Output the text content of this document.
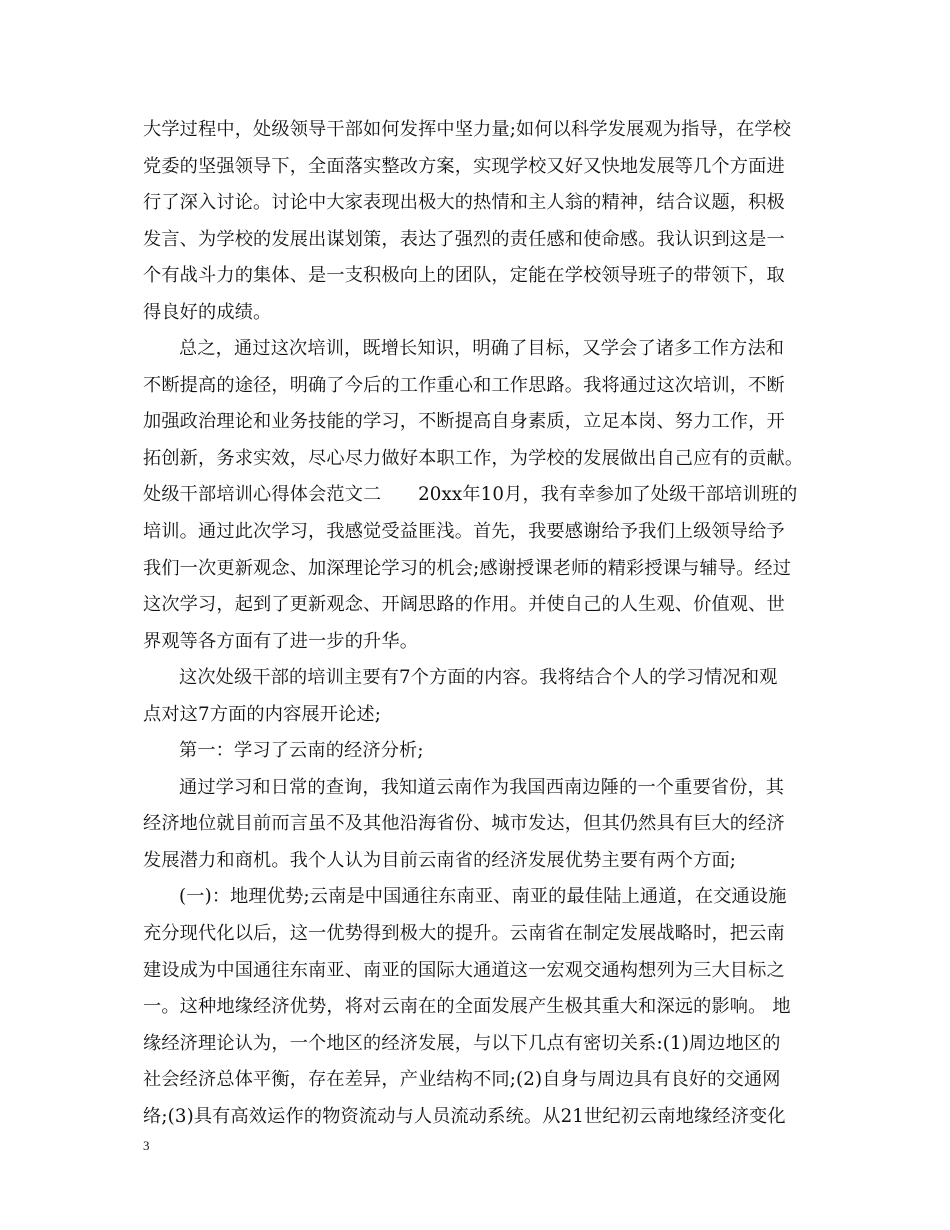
大学过程中，处级领导干部如何发挥中坚力量;如何以科学发展观为指导，在学校
党委的坚强领导下，全面落实整改方案，实现学校又好又快地发展等几个方面进
行了深入讨论。讨论中大家表现出极大的热情和主人翁的精神，结合议题，积极
发言、为学校的发展出谋划策，表达了强烈的责任感和使命感。我认识到这是一
个有战斗力的集体、是一支积极向上的团队，定能在学校领导班子的带领下，取
得良好的成绩。
总之，通过这次培训，既增长知识，明确了目标，又学会了诸多工作方法和
不断提高的途径，明确了今后的工作重心和工作思路。我将通过这次培训，不断
加强政治理论和业务技能的学习，不断提高自身素质，立足本岗、努力工作，开
拓创新，务求实效，尽心尽力做好本职工作，为学校的发展做出自己应有的贡献。
处级干部培训心得体会范文二　　20xx年10月，我有幸参加了处级干部培训班的
培训。通过此次学习，我感觉受益匪浅。首先，我要感谢给予我们上级领导给予
我们一次更新观念、加深理论学习的机会;感谢授课老师的精彩授课与辅导。经过
这次学习，起到了更新观念、开阔思路的作用。并使自己的人生观、价值观、世
界观等各方面有了进一步的升华。
这次处级干部的培训主要有7个方面的内容。我将结合个人的学习情况和观
点对这7方面的内容展开论述;
第一：学习了云南的经济分析;
通过学习和日常的查询，我知道云南作为我国西南边陲的一个重要省份，其
经济地位就目前而言虽不及其他沿海省份、城市发达，但其仍然具有巨大的经济
发展潜力和商机。我个人认为目前云南省的经济发展优势主要有两个方面;
(一)：地理优势;云南是中国通往东南亚、南亚的最佳陆上通道，在交通设施
充分现代化以后，这一优势得到极大的提升。云南省在制定发展战略时，把云南
建设成为中国通往东南亚、南亚的国际大通道这一宏观交通构想列为三大目标之
一。这种地缘经济优势，将对云南在的全面发展产生极其重大和深远的影响。 地
缘经济理论认为，一个地区的经济发展，与以下几点有密切关系:(1)周边地区的
社会经济总体平衡，存在差异，产业结构不同;(2)自身与周边具有良好的交通网
络;(3)具有高效运作的物资流动与人员流动系统。从21世纪初云南地缘经济变化
3
